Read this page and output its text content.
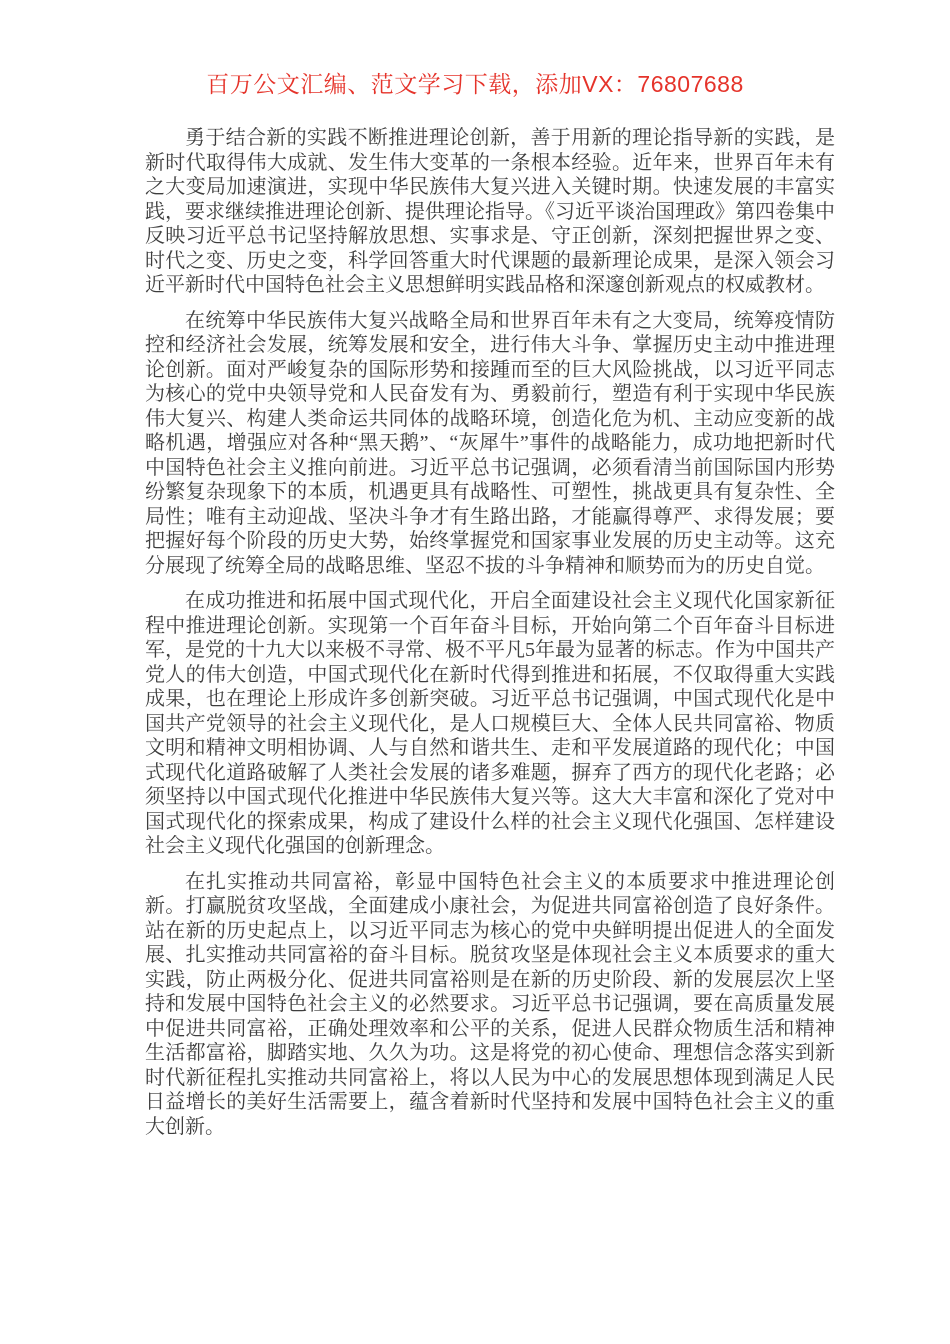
百万公文汇编、范文学习下载，添加VX：76807688

勇于结合新的实践不断推进理论创新，善于用新的理论指导新的实践，是新时代取得伟大成就、发生伟大变革的一条根本经验。近年来，世界百年未有之大变局加速演进，实现中华民族伟大复兴进入关键时期。快速发展的丰富实践，要求继续推进理论创新、提供理论指导。《习近平谈治国理政》第四卷集中反映习近平总书记坚持解放思想、实事求是、守正创新，深刻把握世界之变、时代之变、历史之变，科学回答重大时代课题的最新理论成果，是深入领会习近平新时代中国特色社会主义思想鲜明实践品格和深邃创新观点的权威教材。

在统筹中华民族伟大复兴战略全局和世界百年未有之大变局，统筹疫情防控和经济社会发展，统筹发展和安全，进行伟大斗争、掌握历史主动中推进理论创新。面对严峻复杂的国际形势和接踵而至的巨大风险挑战，以习近平同志为核心的党中央领导党和人民奋发有为、勇毅前行，塑造有利于实现中华民族伟大复兴、构建人类命运共同体的战略环境，创造化危为机、主动应变新的战略机遇，增强应对各种“黑天鹅”、“灰犀牛”事件的战略能力，成功地把新时代中国特色社会主义推向前进。习近平总书记强调，必须看清当前国际国内形势纷繁复杂现象下的本质，机遇更具有战略性、可塑性，挑战更具有复杂性、全局性；唯有主动迎战、坚决斗争才有生路出路，才能赢得尊严、求得发展；要把握好每个阶段的历史大势，始终掌握党和国家事业发展的历史主动等。这充分展现了统筹全局的战略思维、坚忍不拔的斗争精神和顺势而为的历史自觉。

在成功推进和拓展中国式现代化，开启全面建设社会主义现代化国家新征程中推进理论创新。实现第一个百年奋斗目标，开始向第二个百年奋斗目标进军，是党的十九大以来极不寻常、极不平凡5年最为显著的标志。作为中国共产党人的伟大创造，中国式现代化在新时代得到推进和拓展，不仅取得重大实践成果，也在理论上形成许多创新突破。习近平总书记强调，中国式现代化是中国共产党领导的社会主义现代化，是人口规模巨大、全体人民共同富裕、物质文明和精神文明相协调、人与自然和谐共生、走和平发展道路的现代化；中国式现代化道路破解了人类社会发展的诸多难题，摒弃了西方的现代化老路；必须坚持以中国式现代化推进中华民族伟大复兴等。这大大丰富和深化了党对中国式现代化的探索成果，构成了建设什么样的社会主义现代化强国、怎样建设社会主义现代化强国的创新理念。

在扎实推动共同富裕，彰显中国特色社会主义的本质要求中推进理论创新。打赢脱贫攻坚战，全面建成小康社会，为促进共同富裕创造了良好条件。站在新的历史起点上，以习近平同志为核心的党中央鲜明提出促进人的全面发展、扎实推动共同富裕的奋斗目标。脱贫攻坚是体现社会主义本质要求的重大实践，防止两极分化、促进共同富裕则是在新的历史阶段、新的发展层次上坚持和发展中国特色社会主义的必然要求。习近平总书记强调，要在高质量发展中促进共同富裕，正确处理效率和公平的关系，促进人民群众物质生活和精神生活都富裕，脚踏实地、久久为功。这是将党的初心使命、理想信念落实到新时代新征程扎实推动共同富裕上，将以人民为中心的发展思想体现到满足人民日益增长的美好生活需要上，蕴含着新时代坚持和发展中国特色社会主义的重大创新。
